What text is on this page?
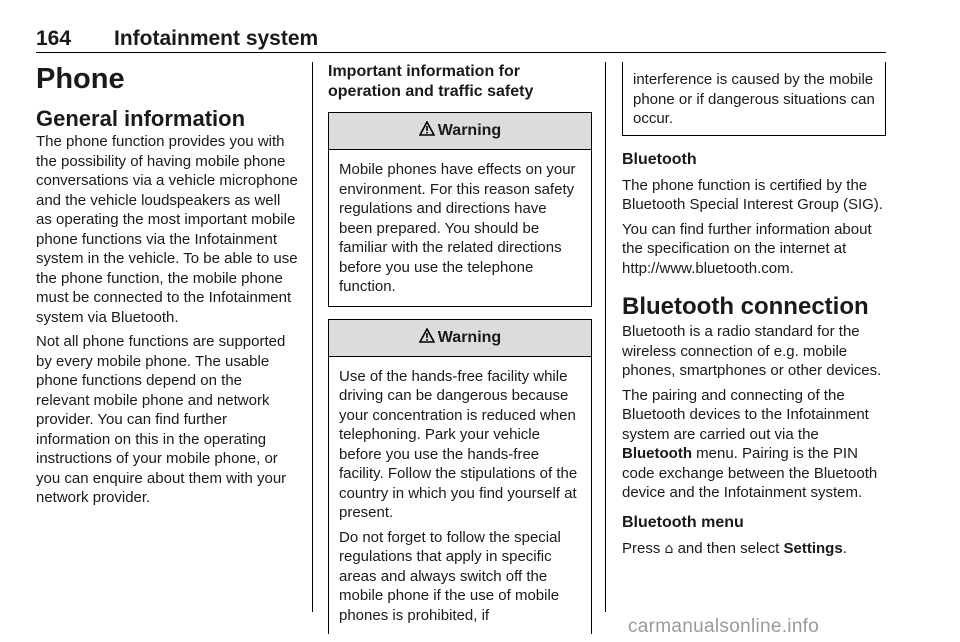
164 Infotainment system
Phone
General information

The phone function provides you with the possibility of having mobile phone conversations via a vehicle microphone and the vehicle loudspeakers as well as operating the most important mobile phone functions via the Infotainment system in the vehicle. To be able to use the phone function, the mobile phone must be connected to the Infotainment system via Bluetooth.

Not all phone functions are supported by every mobile phone. The usable phone functions depend on the relevant mobile phone and network provider. You can find further information on this in the operating instructions of your mobile phone, or you can enquire about them with your network provider.

Important information for operation and traffic safety
Warning

Mobile phones have effects on your environment. For this reason safety regulations and directions have been prepared. You should be familiar with the related directions before you use the telephone function.

Warning

Use of the hands-free facility while driving can be dangerous because your concentration is reduced when telephoning. Park your vehicle before you use the hands-free facility. Follow the stipulations of the country in which you find yourself at present.

Do not forget to follow the special regulations that apply in specific areas and always switch off the mobile phone if the use of mobile phones is prohibited, if

interference is caused by the mobile phone or if dangerous situations can occur.

Bluetooth

The phone function is certified by the Bluetooth Special Interest Group (SIG).

You can find further information about the specification on the internet at http://www.bluetooth.com.

Bluetooth connection

Bluetooth is a radio standard for the wireless connection of e.g. mobile phones, smartphones or other devices.

The pairing and connecting of the Bluetooth devices to the Infotainment system are carried out via the Bluetooth menu. Pairing is the PIN code exchange between the Bluetooth device and the Infotainment system.

Bluetooth menu

Press ⌂ and then select Settings.

carmanualsonline.info
